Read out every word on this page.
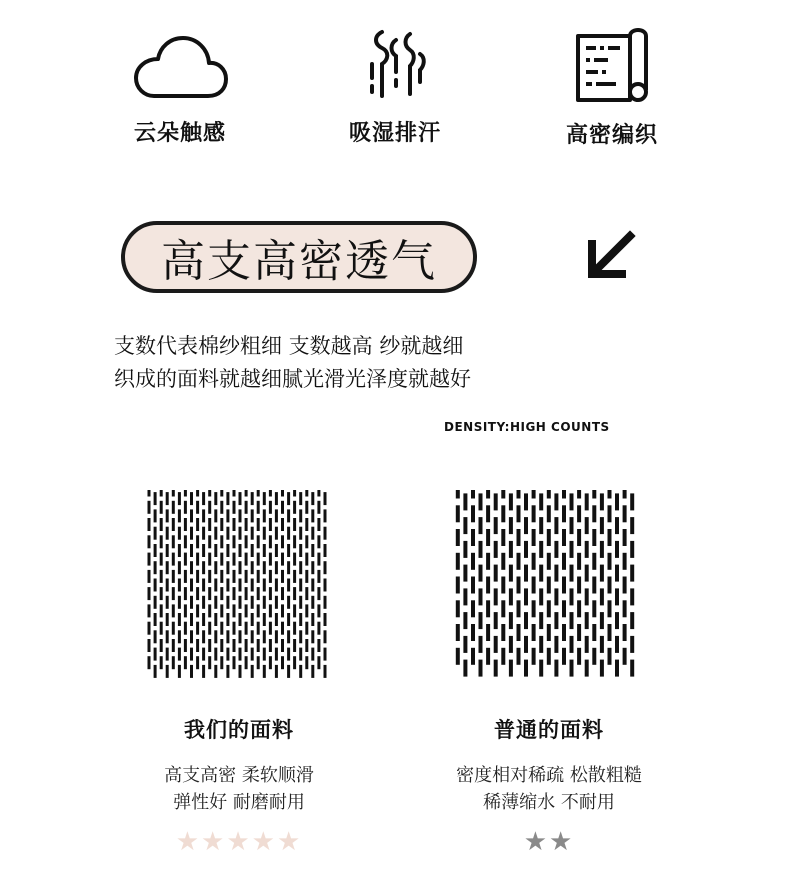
云朵触感	吸湿排汗	高密编织
高支高密透气
支数代表棉纱粗细 支数越高 纱就越细
织成的面料就越细腻光滑光泽度就越好
DENSITY:HIGH COUNTS
我们的面料
高支高密 柔软顺滑
弹性好 耐磨耐用
★★★★★
普通的面料
密度相对稀疏 松散粗糙
稀薄缩水 不耐用
★★
